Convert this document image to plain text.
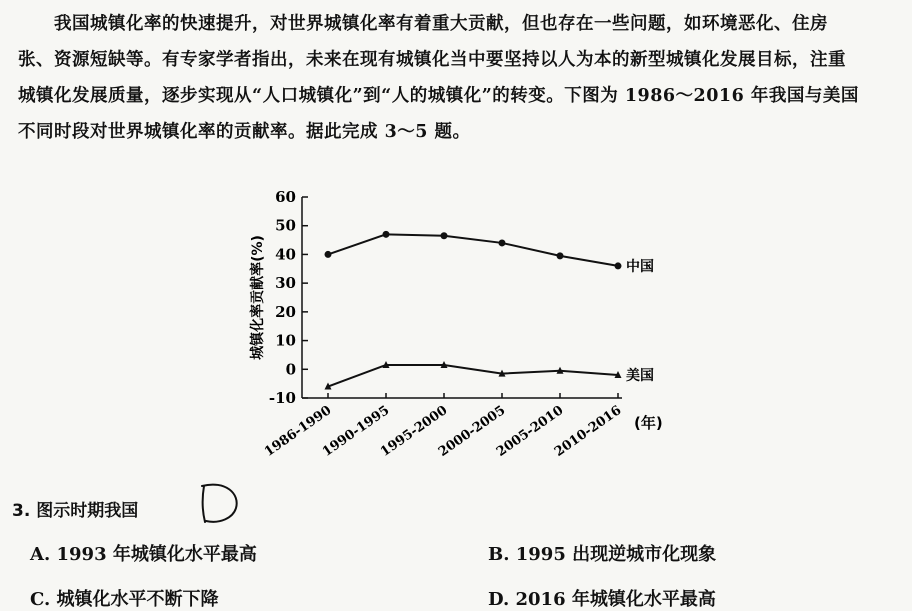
我国城镇化率的快速提升，对世界城镇化率有着重大贡献，但也存在一些问题，如环境恶化、住房
张、资源短缺等。有专家学者指出，未来在现有城镇化当中要坚持以人为本的新型城镇化发展目标，注重
城镇化发展质量，逐步实现从“人口城镇化”到“人的城镇化”的转变。下图为 1986～2016 年我国与美国
不同时段对世界城镇化率的贡献率。据此完成 3～5 题。
-10
0
10
20
30
40
50
60
1986-1990
1990-1995
1995-2000
2000-2005
2005-2010
2010-2016 (年)
城镇化率贡献率(%)	中国
美国
3. 图示时期我国
A. 1993 年城镇化水平最高	B. 1995 出现逆城市化现象
C. 城镇化水平不断下降	D. 2016 年城镇化水平最高
